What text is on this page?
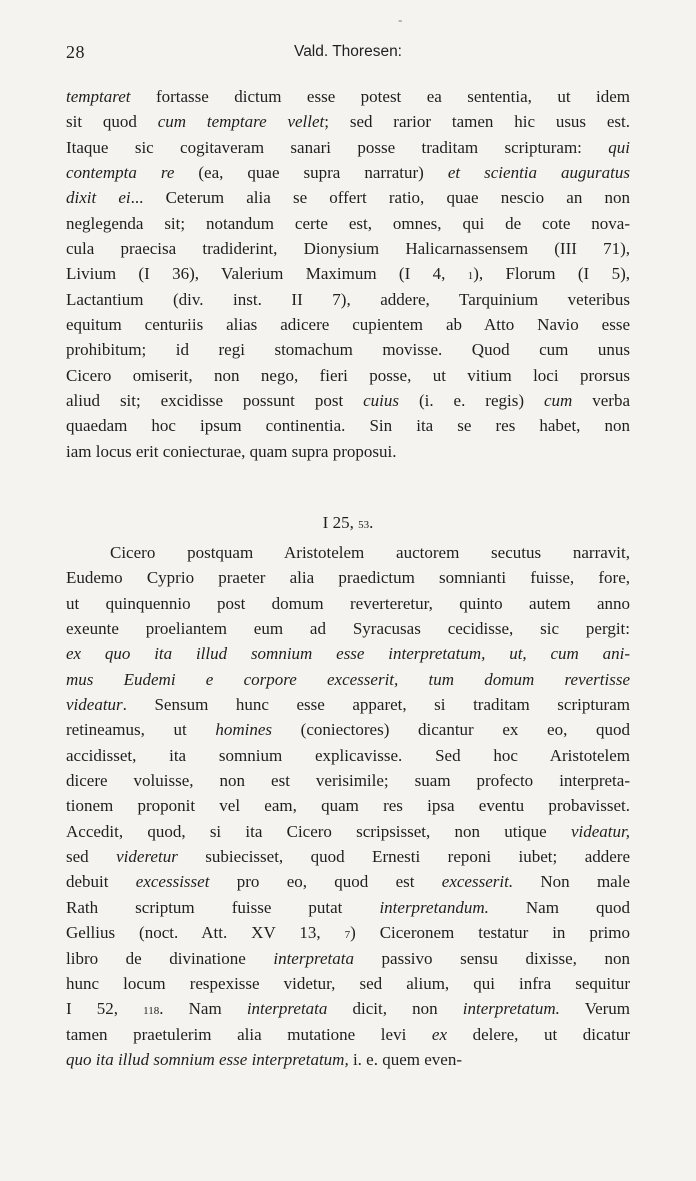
-
28	Vald. Thoresen:
temptaret fortasse dictum esse potest ea sententia, ut idem
sit quod cum temptare vellet; sed rarior tamen hic usus est.
Itaque sic cogitaveram sanari posse traditam scripturam: qui
contempta re (ea, quae supra narratur) et scientia auguratus
dixit ei... Ceterum alia se offert ratio, quae nescio an non
neglegenda sit; notandum certe est, omnes, qui de cote nova-
cula praecisa tradiderint, Dionysium Halicarnassensem (III 71),
Livium (I 36), Valerium Maximum (I 4, 1), Florum (I 5),
Lactantium (div. inst. II 7), addere, Tarquinium veteribus
equitum centuriis alias adicere cupientem ab Atto Navio esse
prohibitum; id regi stomachum movisse. Quod cum unus
Cicero omiserit, non nego, fieri posse, ut vitium loci prorsus
aliud sit; excidisse possunt post cuius (i. e. regis) cum verba
quaedam hoc ipsum continentia. Sin ita se res habet, non
iam locus erit coniecturae, quam supra proposui.
I 25, 53.
Cicero postquam Aristotelem auctorem secutus narravit,
Eudemo Cyprio praeter alia praedictum somnianti fuisse, fore,
ut quinquennio post domum reverteretur, quinto autem anno
exeunte proeliantem eum ad Syracusas cecidisse, sic pergit:
ex quo ita illud somnium esse interpretatum, ut, cum ani-
mus Eudemi e corpore excesserit, tum domum revertisse
videatur. Sensum hunc esse apparet, si traditam scripturam
retineamus, ut homines (coniectores) dicantur ex eo, quod
accidisset, ita somnium explicavisse. Sed hoc Aristotelem
dicere voluisse, non est verisimile; suam profecto interpreta-
tionem proponit vel eam, quam res ipsa eventu probavisset.
Accedit, quod, si ita Cicero scripsisset, non utique videatur,
sed videretur subiecisset, quod Ernesti reponi iubet; addere
debuit excessisset pro eo, quod est excesserit. Non male
Rath scriptum fuisse putat interpretandum. Nam quod
Gellius (noct. Att. XV 13, 7) Ciceronem testatur in primo
libro de divinatione interpretata passivo sensu dixisse, non
hunc locum respexisse videtur, sed alium, qui infra sequitur
I 52, 118. Nam interpretata dicit, non interpretatum. Verum
tamen praetulerim alia mutatione levi ex delere, ut dicatur
quo ita illud somnium esse interpretatum, i. e. quem even-
